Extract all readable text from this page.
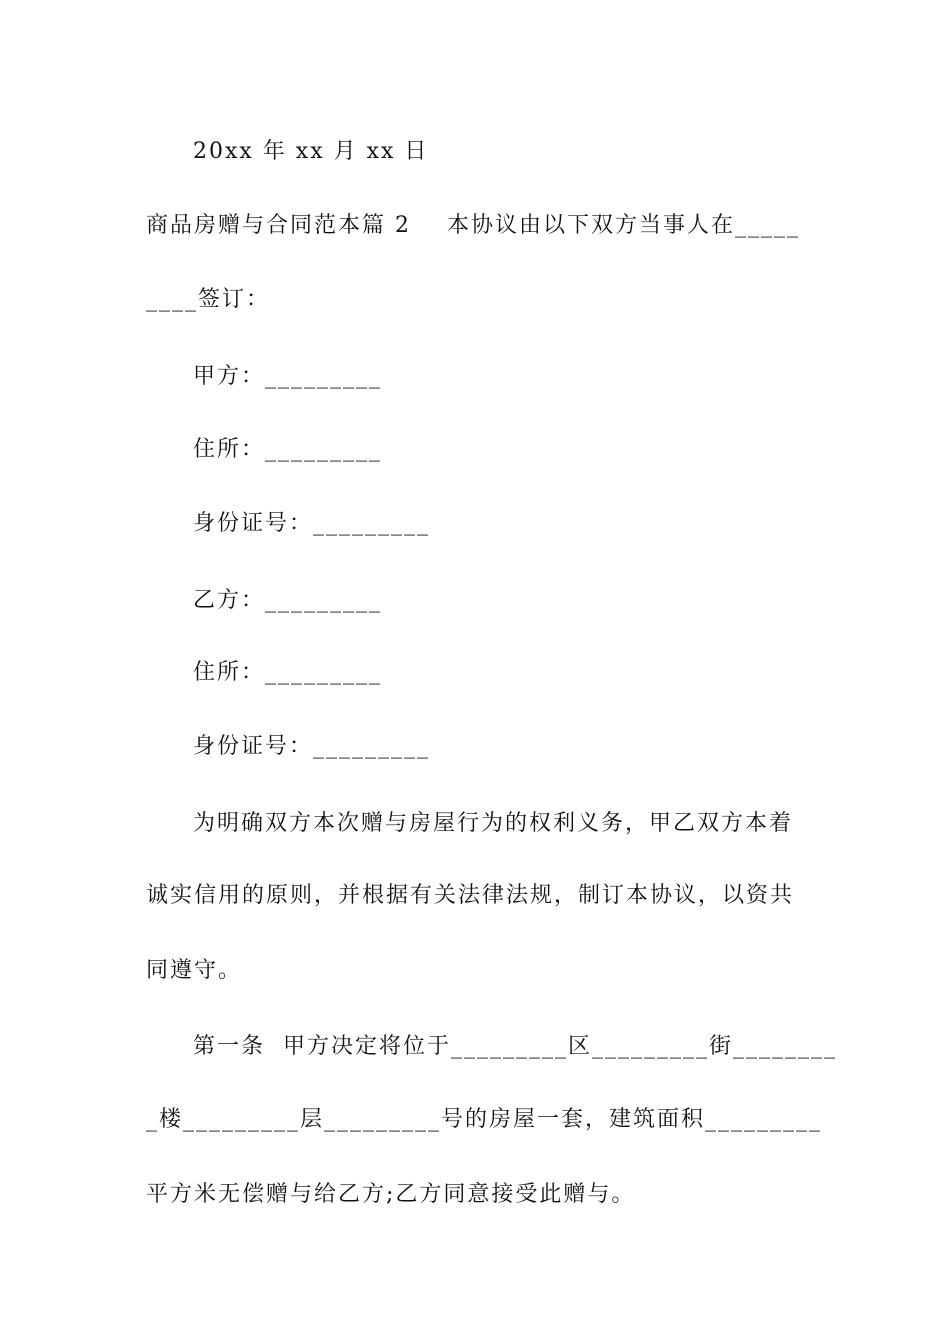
20xx 年 xx 月 xx 日
商品房赠与合同范本篇 2    本协议由以下双方当事人在_____
____签订：
甲方：_________
住所：_________
身份证号：_________
乙方：_________
住所：_________
身份证号：_________
为明确双方本次赠与房屋行为的权利义务，甲乙双方本着
诚实信用的原则，并根据有关法律法规，制订本协议，以资共
同遵守。
第一条  甲方决定将位于_________区_________街________
_楼_________层_________号的房屋一套，建筑面积_________
平方米无偿赠与给乙方;乙方同意接受此赠与。
